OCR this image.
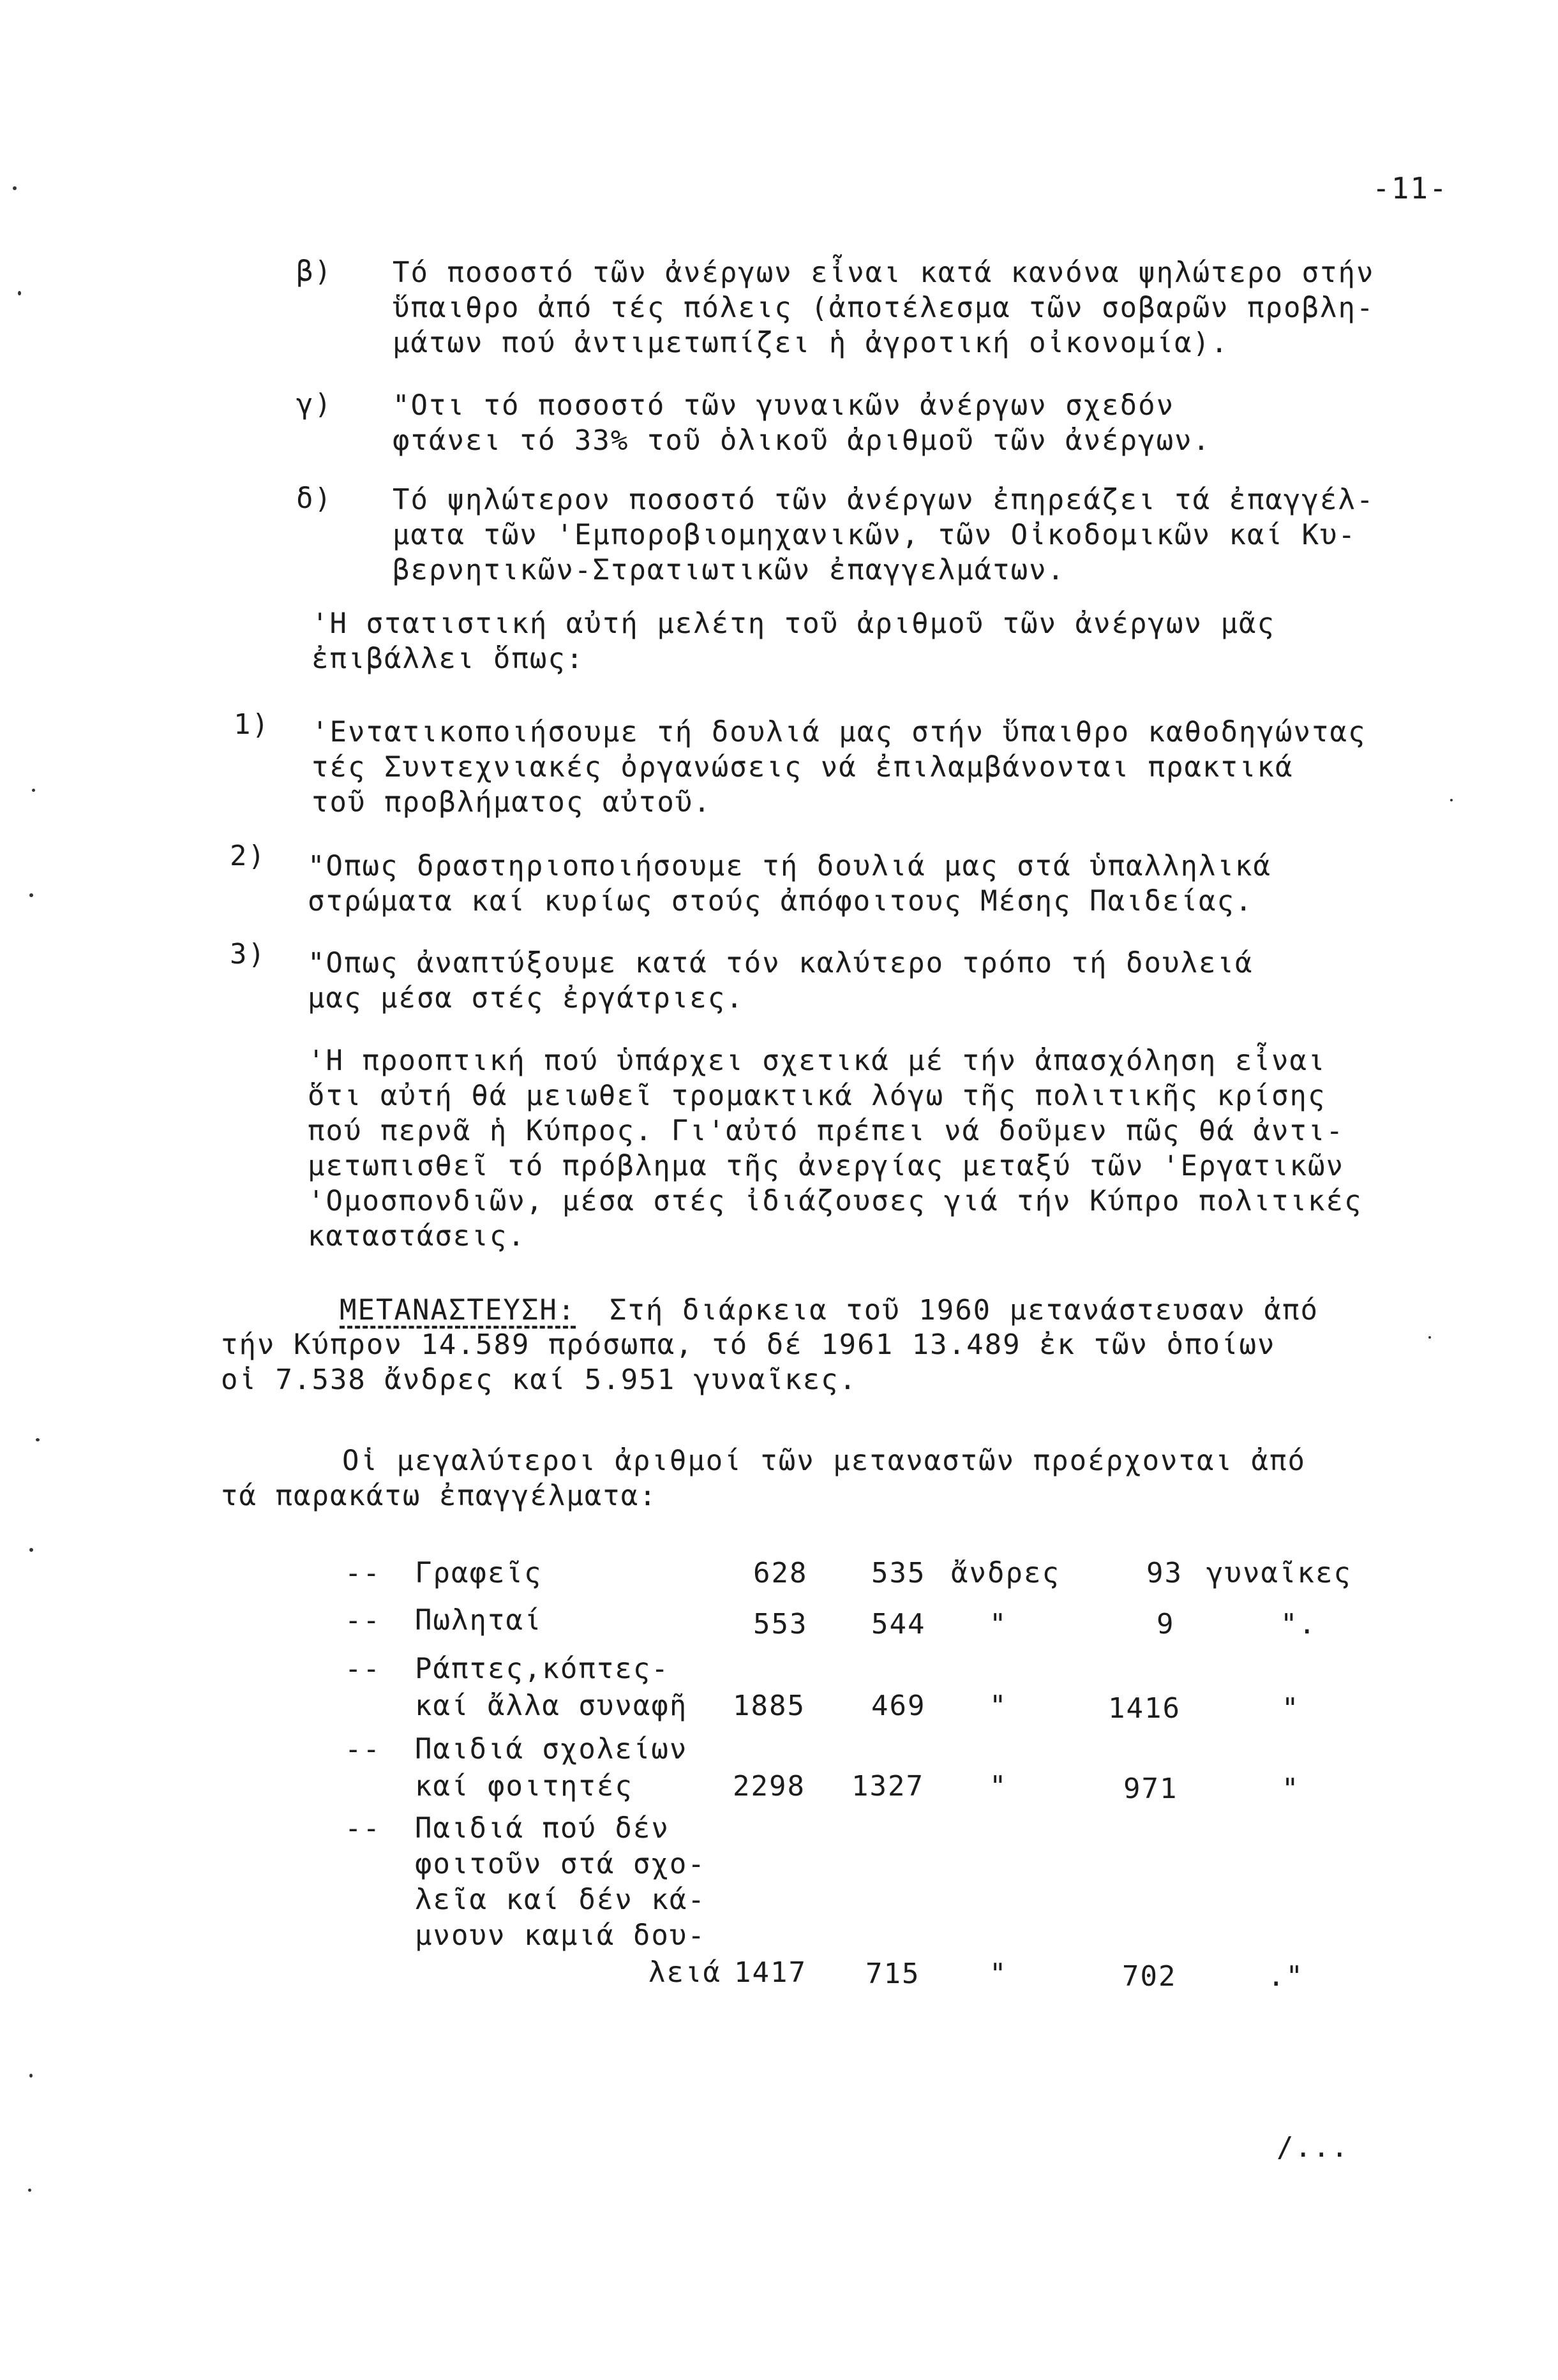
-11-
β) Τό ποσοστό τῶν ἀνέργων εἶναι κατά κανόνα ψηλώτερο στήν
ὕπαιθρο ἀπό τές πόλεις (ἀποτέλεσμα τῶν σοβαρῶν προβλη-
μάτων πού ἀντιμετωπίζει ἡ ἀγροτική οἰκονομία).
γ) "Οτι τό ποσοστό τῶν γυναικῶν ἀνέργων σχεδόν
φτάνει τό 33% τοῦ ὁλικοῦ ἀριθμοῦ τῶν ἀνέργων.
δ) Τό ψηλώτερον ποσοστό τῶν ἀνέργων ἐπηρεάζει τά ἐπαγγέλ-
ματα τῶν 'Εμποροβιομηχανικῶν, τῶν Οἰκοδομικῶν καί Κυ-
βερνητικῶν-Στρατιωτικῶν ἐπαγγελμάτων.
'Η στατιστική αὐτή μελέτη τοῦ ἀριθμοῦ τῶν ἀνέργων μᾶς
ἐπιβάλλει ὅπως:
1) 'Εντατικοποιήσουμε τή δουλιά μας στήν ὕπαιθρο καθοδηγώντας
τές Συντεχνιακές ὀργανώσεις νά ἐπιλαμβάνονται πρακτικά
τοῦ προβλήματος αὐτοῦ.
2) "Οπως δραστηριοποιήσουμε τή δουλιά μας στά ὑπαλληλικά
στρώματα καί κυρίως στούς ἀπόφοιτους Μέσης Παιδείας.
3) "Οπως ἀναπτύξουμε κατά τόν καλύτερο τρόπο τή δουλειά
μας μέσα στές ἐργάτριες.
'Η προοπτική πού ὑπάρχει σχετικά μέ τήν ἀπασχόληση εἶναι
ὅτι αὐτή θά μειωθεῖ τρομακτικά λόγω τῆς πολιτικῆς κρίσης
πού περνᾶ ἡ Κύπρος. Γι'αὐτό πρέπει νά δοῦμεν πῶς θά ἀντι-
μετωπισθεῖ τό πρόβλημα τῆς ἀνεργίας μεταξύ τῶν 'Εργατικῶν
'Ομοσπονδιῶν, μέσα στές ἰδιάζουσες γιά τήν Κύπρο πολιτικές
καταστάσεις.
ΜΕΤΑΝΑΣΤΕΥΣΗ: Στή διάρκεια τοῦ 1960 μετανάστευσαν ἀπό
τήν Κύπρον 14.589 πρόσωπα, τό δέ 1961 13.489 ἐκ τῶν ὁποίων
οἱ 7.538 ἄνδρες καί 5.951 γυναῖκες.
Οἱ μεγαλύτεροι ἀριθμοί τῶν μεταναστῶν προέρχονται ἀπό
τά παρακάτω ἐπαγγέλματα:
-- Γραφεῖς	628 535 ἄνδρες	93 γυναῖκες
-- Πωληταί	553 544 "	9	".
-- Ράπτες,κόπτες-
καί ἄλλα συναφῆ 1885 469 "	1416	"
-- Παιδιά σχολείων
καί φοιτητές	2298 1327 "	971	"
-- Παιδιά πού δέν
φοιτοῦν στά σχο-
λεῖα καί δέν κά-
μνουν καμιά δου-
λειά 1417 715 "	702	."
/...
